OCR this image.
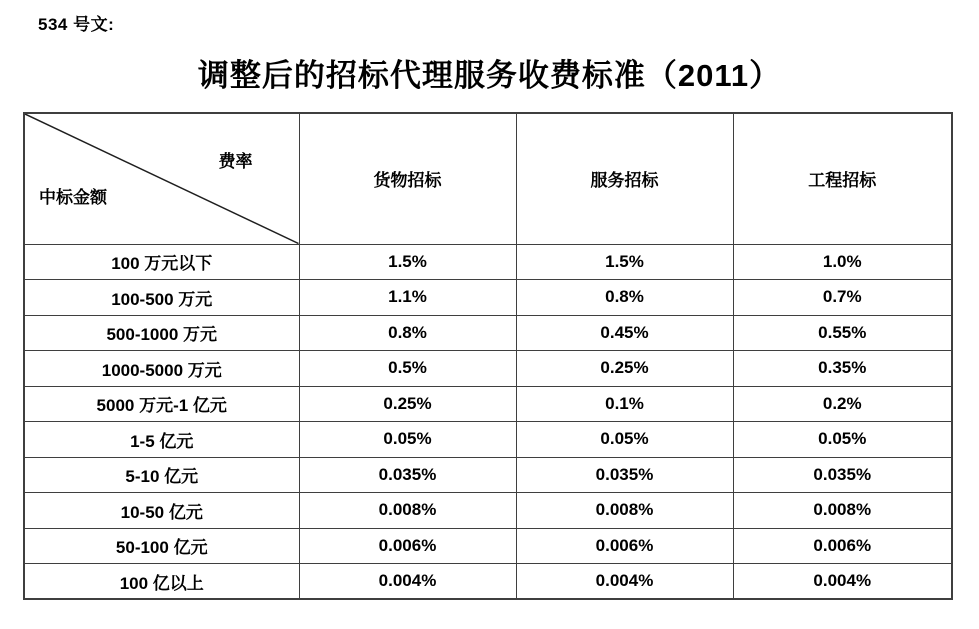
534 号文:
调整后的招标代理服务收费标准（2011）
费率
中标金额	货物招标	服务招标	工程招标
100 万元以下	1.5%	1.5%	1.0%
100-500 万元	1.1%	0.8%	0.7%
500-1000 万元	0.8%	0.45%	0.55%
1000-5000 万元	0.5%	0.25%	0.35%
5000 万元-1 亿元	0.25%	0.1%	0.2%
1-5 亿元	0.05%	0.05%	0.05%
5-10 亿元	0.035%	0.035%	0.035%
10-50 亿元	0.008%	0.008%	0.008%
50-100 亿元	0.006%	0.006%	0.006%
100 亿以上	0.004%	0.004%	0.004%
